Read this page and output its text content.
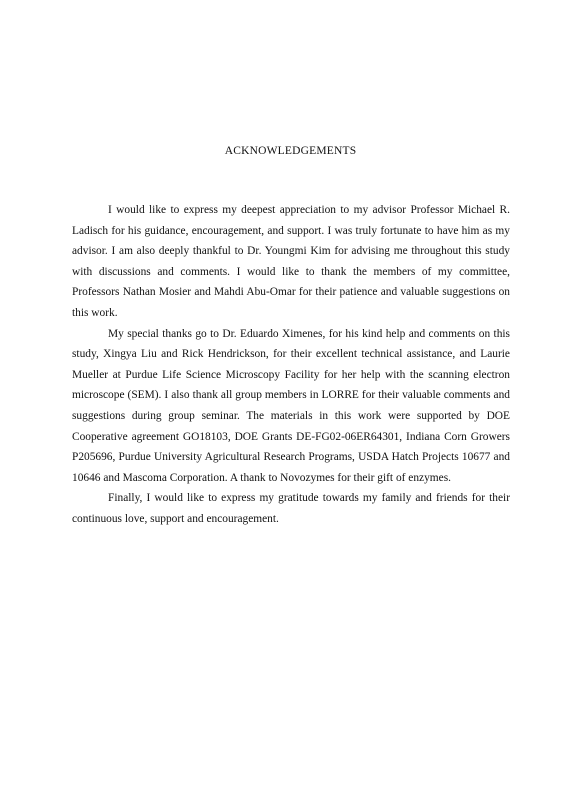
ACKNOWLEDGEMENTS

I would like to express my deepest appreciation to my advisor Professor Michael R. Ladisch for his guidance, encouragement, and support. I was truly fortunate to have him as my advisor. I am also deeply thankful to Dr. Youngmi Kim for advising me throughout this study with discussions and comments. I would like to thank the members of my committee, Professors Nathan Mosier and Mahdi Abu-Omar for their patience and valuable suggestions on this work.

My special thanks go to Dr. Eduardo Ximenes, for his kind help and comments on this study, Xingya Liu and Rick Hendrickson, for their excellent technical assistance, and Laurie Mueller at Purdue Life Science Microscopy Facility for her help with the scanning electron microscope (SEM). I also thank all group members in LORRE for their valuable comments and suggestions during group seminar. The materials in this work were supported by DOE Cooperative agreement GO18103, DOE Grants DE-FG02-06ER64301, Indiana Corn Growers P205696, Purdue University Agricultural Research Programs, USDA Hatch Projects 10677 and 10646 and Mascoma Corporation. A thank to Novozymes for their gift of enzymes.

Finally, I would like to express my gratitude towards my family and friends for their continuous love, support and encouragement.
